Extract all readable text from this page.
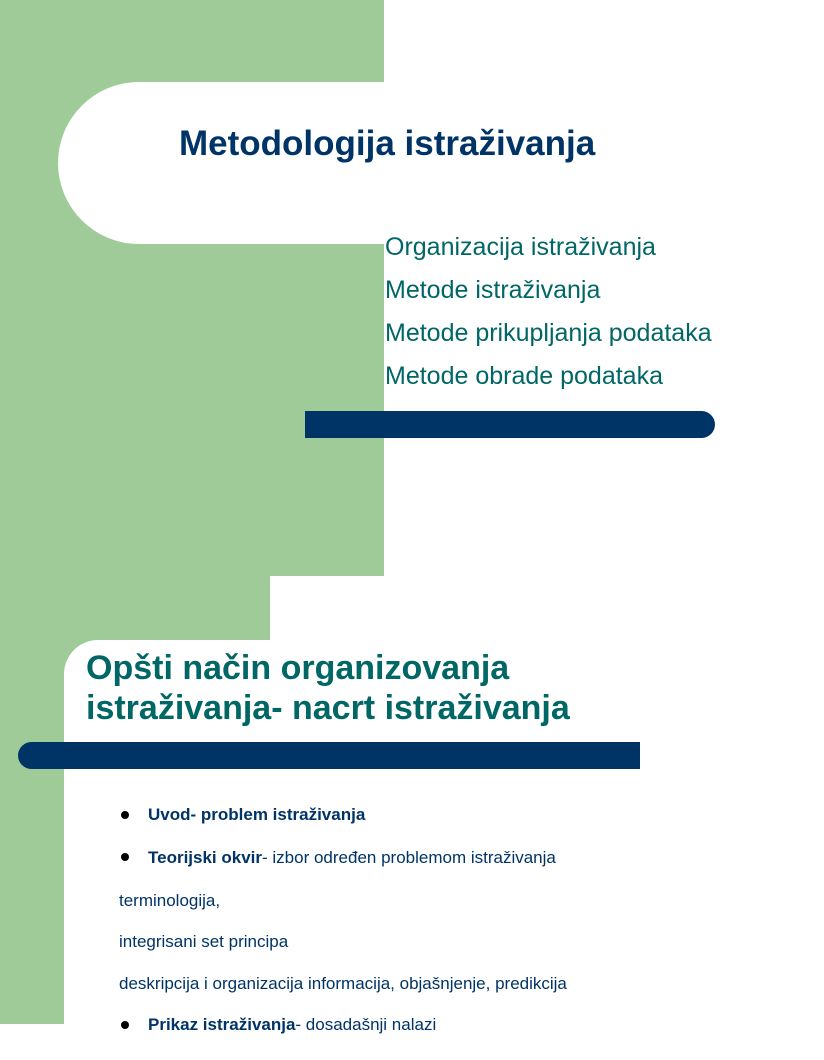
Metodologija istraživanja
Organizacija istraživanja
Metode istraživanja
Metode prikupljanja podataka
Metode obrade podataka
Opšti način organizovanja
istraživanja- nacrt istraživanja

Uvod- problem istraživanja

Teorijski okvir- izbor određen problemom istraživanja

terminologija,

integrisani set principa

deskripcija i organizacija informacija, objašnjenje, predikcija

Prikaz istraživanja- dosadašnji nalazi
